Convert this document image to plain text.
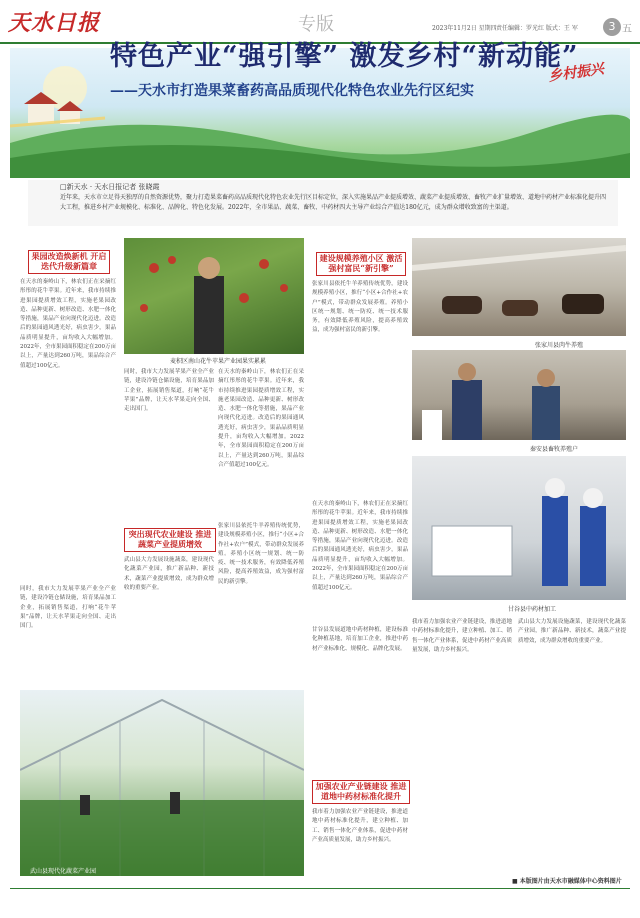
天水日报	专版	2023年11月2日 星期四 责任编辑：罗光红 版式：王 军	3 五
特色产业“强引擎” 激发乡村“新动能”
——天水市打造果菜畜药高品质现代化特色农业先行区纪实
乡村振兴
□新天水 · 天水日报记者 张晓霞
近年来，天水市立足得天独厚的自然资源优势，聚力打造果菜畜药高品质现代化特色农业先行区目标定位，深入实施果品产业提质增效、蔬菜产业提质增效、畜牧产业扩量增效、道地中药材产业标准化提升四大工程，推进乡村产业规模化、标准化、品牌化、特色化发展。2022年，全市果品、蔬菜、畜牧、中药材四大主导产业综合产值达180亿元，成为群众增收致富的主渠道。
果园改造焕新机 开启迭代升级新篇章
在天水的秦岭山下，林农们正在采摘红彤彤的花牛苹果。近年来，我市持续推进果园提质增效工程，实施老果园改造、品种更新、树形改造、水肥一体化等措施，果品产业向现代化迈进。改造后的果园通风透光好，病虫害少，果品品质明显提升，亩均收入大幅增加。2022年，全市果园面积稳定在200万亩以上，产量达到260万吨，果品综合产值超过100亿元。
同时，我市大力发展苹果产业全产业链，建设冷链仓储设施，培育果品加工企业，拓展销售渠道，打响“花牛苹果”品牌，让天水苹果走向全国、走出国门。
麦积区南山花牛苹果产业园果实累累
同时，我市大力发展苹果产业全产业链，建设冷链仓储设施，培育果品加工企业，拓展销售渠道，打响“花牛苹果”品牌，让天水苹果走向全国、走出国门。
在天水的秦岭山下，林农们正在采摘红彤彤的花牛苹果。近年来，我市持续推进果园提质增效工程，实施老果园改造、品种更新、树形改造、水肥一体化等措施，果品产业向现代化迈进。改造后的果园通风透光好，病虫害少，果品品质明显提升，亩均收入大幅增加。2022年，全市果园面积稳定在200万亩以上，产量达到260万吨，果品综合产值超过100亿元。
突出现代农业建设 推进蔬菜产业提质增效
武山县大力发展设施蔬菜，建设现代化蔬菜产业园，推广新品种、新技术，蔬菜产业提质增效，成为群众增收的重要产业。
张家川县依托牛羊养殖传统优势，建设规模养殖小区，推行“小区+合作社+农户”模式，带动群众发展养殖。养殖小区统一规划、统一防疫、统一技术服务，有效降低养殖风险，提高养殖效益，成为强村富民的新引擎。
武山县现代化蔬菜产业园
建设规模养殖小区 激活强村富民“新引擎”
张家川县依托牛羊养殖传统优势，建设规模养殖小区，推行“小区+合作社+农户”模式，带动群众发展养殖。养殖小区统一规划、统一防疫、统一技术服务，有效降低养殖风险，提高养殖效益，成为强村富民的新引擎。
张家川县肉牛养殖
秦安县畜牧养殖户
在天水的秦岭山下，林农们正在采摘红彤彤的花牛苹果。近年来，我市持续推进果园提质增效工程，实施老果园改造、品种更新、树形改造、水肥一体化等措施，果品产业向现代化迈进。改造后的果园通风透光好，病虫害少，果品品质明显提升，亩均收入大幅增加。2022年，全市果园面积稳定在200万亩以上，产量达到260万吨，果品综合产值超过100亿元。
甘谷县中药材加工
加强农业产业链建设 推进道地中药材标准化提升
甘谷县发展道地中药材种植，建设标准化种植基地，培育加工企业，推进中药材产业标准化、规模化、品牌化发展。
我市着力加强农业产业链建设，推进道地中药材标准化提升，建立种植、加工、销售一体化产业体系，促进中药材产业高质量发展，助力乡村振兴。
我市着力加强农业产业链建设，推进道地中药材标准化提升，建立种植、加工、销售一体化产业体系，促进中药材产业高质量发展，助力乡村振兴。
武山县大力发展设施蔬菜，建设现代化蔬菜产业园，推广新品种、新技术，蔬菜产业提质增效，成为群众增收的重要产业。
■ 本版图片由天水市融媒体中心资料图片
